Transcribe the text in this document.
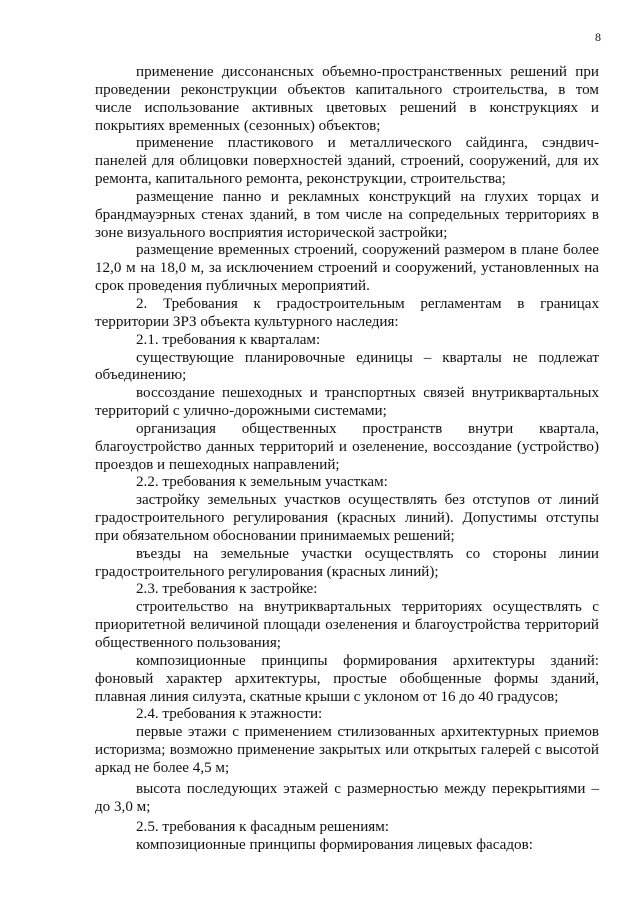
8

применение диссонансных объемно-пространственных решений при проведении реконструкции объектов капитального строительства, в том числе использование активных цветовых решений в конструкциях и покрытиях временных (сезонных) объектов;

применение пластикового и металлического сайдинга, сэндвич-панелей для облицовки поверхностей зданий, строений, сооружений, для их ремонта, капитального ремонта, реконструкции, строительства;

размещение панно и рекламных конструкций на глухих торцах и брандмауэрных стенах зданий, в том числе на сопредельных территориях в зоне визуального восприятия исторической застройки;

размещение временных строений, сооружений размером в плане более 12,0 м на 18,0 м, за исключением строений и сооружений, установленных на срок проведения публичных мероприятий.

2. Требования к градостроительным регламентам в границах территории ЗРЗ объекта культурного наследия:

2.1. требования к кварталам:

существующие планировочные единицы – кварталы не подлежат объединению;

воссоздание пешеходных и транспортных связей внутриквартальных территорий с улично-дорожными системами;

организация общественных пространств внутри квартала, благоустройство данных территорий и озеленение, воссоздание (устройство) проездов и пешеходных направлений;

2.2. требования к земельным участкам:

застройку земельных участков осуществлять без отступов от линий градостроительного регулирования (красных линий). Допустимы отступы при обязательном обосновании принимаемых решений;

въезды на земельные участки осуществлять со стороны линии градостроительного регулирования (красных линий);

2.3. требования к застройке:

строительство на внутриквартальных территориях осуществлять с приоритетной величиной площади озеленения и благоустройства территорий общественного пользования;

композиционные принципы формирования архитектуры зданий: фоновый характер архитектуры, простые обобщенные формы зданий, плавная линия силуэта, скатные крыши с уклоном от 16 до 40 градусов;

2.4. требования к этажности:

первые этажи с применением стилизованных архитектурных приемов историзма; возможно применение закрытых или открытых галерей с высотой аркад не более 4,5 м;

высота последующих этажей с размерностью между перекрытиями – до 3,0 м;

2.5. требования к фасадным решениям:

композиционные принципы формирования лицевых фасадов:
